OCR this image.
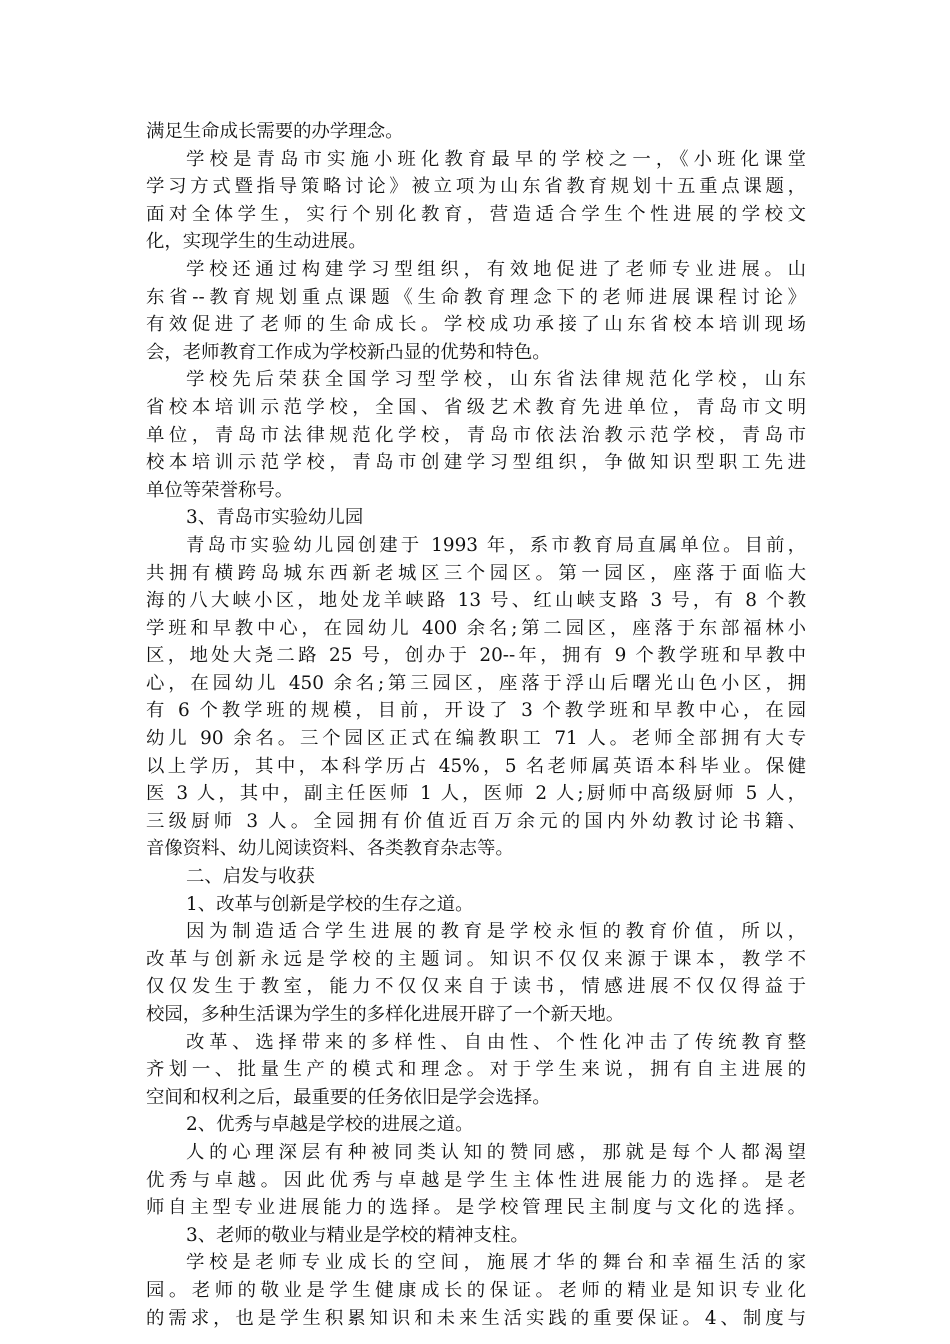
满足生命成长需要的办学理念。
学校是青岛市实施小班化教育最早的学校之一，《小班化课堂
学习方式暨指导策略讨论》被立项为山东省教育规划十五重点课题，
面对全体学生，实行个别化教育，营造适合学生个性进展的学校文
化，实现学生的生动进展。
学校还通过构建学习型组织，有效地促进了老师专业进展。山
东省--教育规划重点课题《生命教育理念下的老师进展课程讨论》
有效促进了老师的生命成长。学校成功承接了山东省校本培训现场
会，老师教育工作成为学校新凸显的优势和特色。
学校先后荣获全国学习型学校，山东省法律规范化学校，山东
省校本培训示范学校，全国、省级艺术教育先进单位，青岛市文明
单位，青岛市法律规范化学校，青岛市依法治教示范学校，青岛市
校本培训示范学校，青岛市创建学习型组织，争做知识型职工先进
单位等荣誉称号。
3、青岛市实验幼儿园
青岛市实验幼儿园创建于 1993 年，系市教育局直属单位。目前，
共拥有横跨岛城东西新老城区三个园区。第一园区，座落于面临大
海的八大峡小区，地处龙羊峡路 13 号、红山峡支路 3 号，有 8 个教
学班和早教中心，在园幼儿 400 余名;第二园区，座落于东部福林小
区，地处大尧二路 25 号，创办于 20--年，拥有 9 个教学班和早教中
心，在园幼儿 450 余名;第三园区，座落于浮山后曙光山色小区，拥
有 6 个教学班的规模，目前，开设了 3 个教学班和早教中心，在园
幼儿 90 余名。三个园区正式在编教职工 71 人。老师全部拥有大专
以上学历，其中，本科学历占 45%，5 名老师属英语本科毕业。保健
医 3 人，其中，副主任医师 1 人，医师 2 人;厨师中高级厨师 5 人，
三级厨师 3 人。全园拥有价值近百万余元的国内外幼教讨论书籍、
音像资料、幼儿阅读资料、各类教育杂志等。
二、启发与收获
1、改革与创新是学校的生存之道。
因为制造适合学生进展的教育是学校永恒的教育价值，所以，
改革与创新永远是学校的主题词。知识不仅仅来源于课本，教学不
仅仅发生于教室，能力不仅仅来自于读书，情感进展不仅仅得益于
校园，多种生活课为学生的多样化进展开辟了一个新天地。
改革、选择带来的多样性、自由性、个性化冲击了传统教育整
齐划一、批量生产的模式和理念。对于学生来说，拥有自主进展的
空间和权利之后，最重要的任务依旧是学会选择。
2、优秀与卓越是学校的进展之道。
人的心理深层有种被同类认知的赞同感，那就是每个人都渴望
优秀与卓越。因此优秀与卓越是学生主体性进展能力的选择。是老
师自主型专业进展能力的选择。是学校管理民主制度与文化的选择。
3、老师的敬业与精业是学校的精神支柱。
学校是老师专业成长的空间，施展才华的舞台和幸福生活的家
园。老师的敬业是学生健康成长的保证。老师的精业是知识专业化
的需求，也是学生积累知识和未来生活实践的重要保证。4、制度与
